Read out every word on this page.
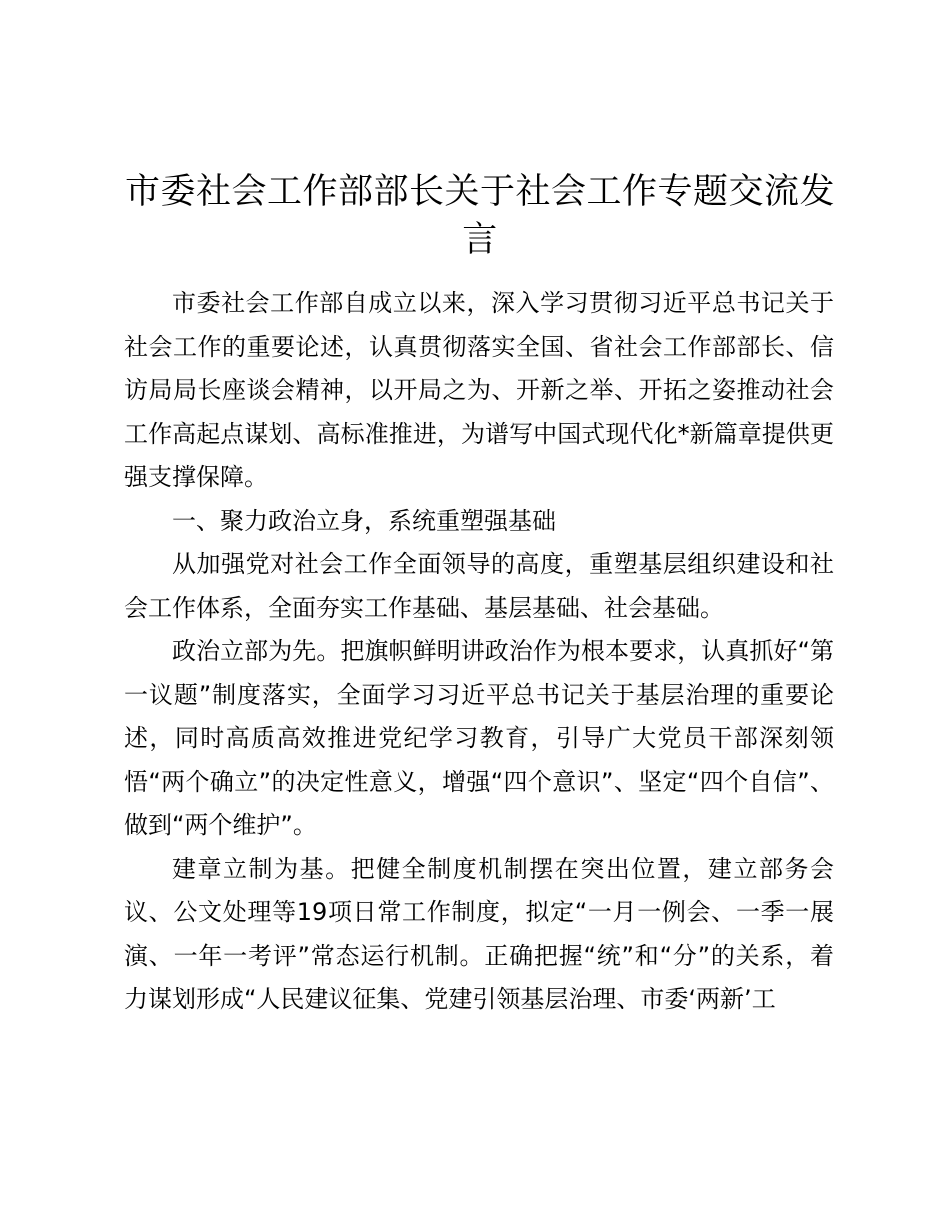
市委社会工作部部长关于社会工作专题交流发言

市委社会工作部自成立以来，深入学习贯彻习近平总书记关于社会工作的重要论述，认真贯彻落实全国、省社会工作部部长、信访局局长座谈会精神，以开局之为、开新之举、开拓之姿推动社会工作高起点谋划、高标准推进，为谱写中国式现代化*新篇章提供更强支撑保障。

一、聚力政治立身，系统重塑强基础

从加强党对社会工作全面领导的高度，重塑基层组织建设和社会工作体系，全面夯实工作基础、基层基础、社会基础。

政治立部为先。把旗帜鲜明讲政治作为根本要求，认真抓好“第一议题”制度落实，全面学习习近平总书记关于基层治理的重要论述，同时高质高效推进党纪学习教育，引导广大党员干部深刻领悟“两个确立”的决定性意义，增强“四个意识”、坚定“四个自信”、做到“两个维护”。

建章立制为基。把健全制度机制摆在突出位置，建立部务会议、公文处理等19项日常工作制度，拟定“一月一例会、一季一展演、一年一考评”常态运行机制。正确把握“统”和“分”的关系，着力谋划形成“人民建议征集、党建引领基层治理、市委‘两新’工
